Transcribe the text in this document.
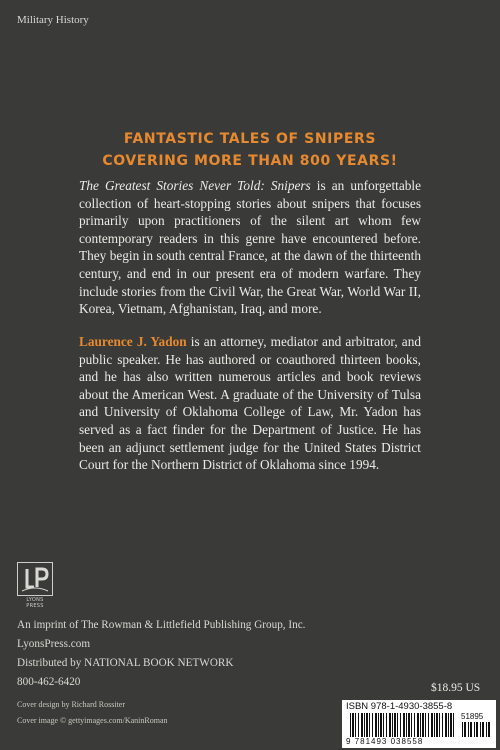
Military History
FANTASTIC TALES OF SNIPERS
COVERING MORE THAN 800 YEARS!
The Greatest Stories Never Told: Snipers is an unforgettable collection of heart-stopping stories about snipers that focuses primarily upon practitioners of the silent art whom few contemporary readers in this genre have encountered before. They begin in south central France, at the dawn of the thirteenth century, and end in our present era of modern warfare. They include stories from the Civil War, the Great War, World War II, Korea, Vietnam, Afghanistan, Iraq, and more.
Laurence J. Yadon is an attorney, mediator and arbitrator, and public speaker. He has authored or coauthored thirteen books, and he has also written numerous articles and book reviews about the American West. A graduate of the University of Tulsa and University of Oklahoma College of Law, Mr. Yadon has served as a fact finder for the Department of Justice. He has been an adjunct settlement judge for the United States District Court for the Northern District of Oklahoma since 1994.
LYONS
PRESS
An imprint of The Rowman & Littlefield Publishing Group, Inc.
LyonsPress.com
Distributed by NATIONAL BOOK NETWORK
800-462-6420
Cover design by Richard Rossiter
Cover image © gettyimages.com/KaninRoman
$18.95 US
ISBN 978-1-4930-3855-8
51895
9 781493 038558
